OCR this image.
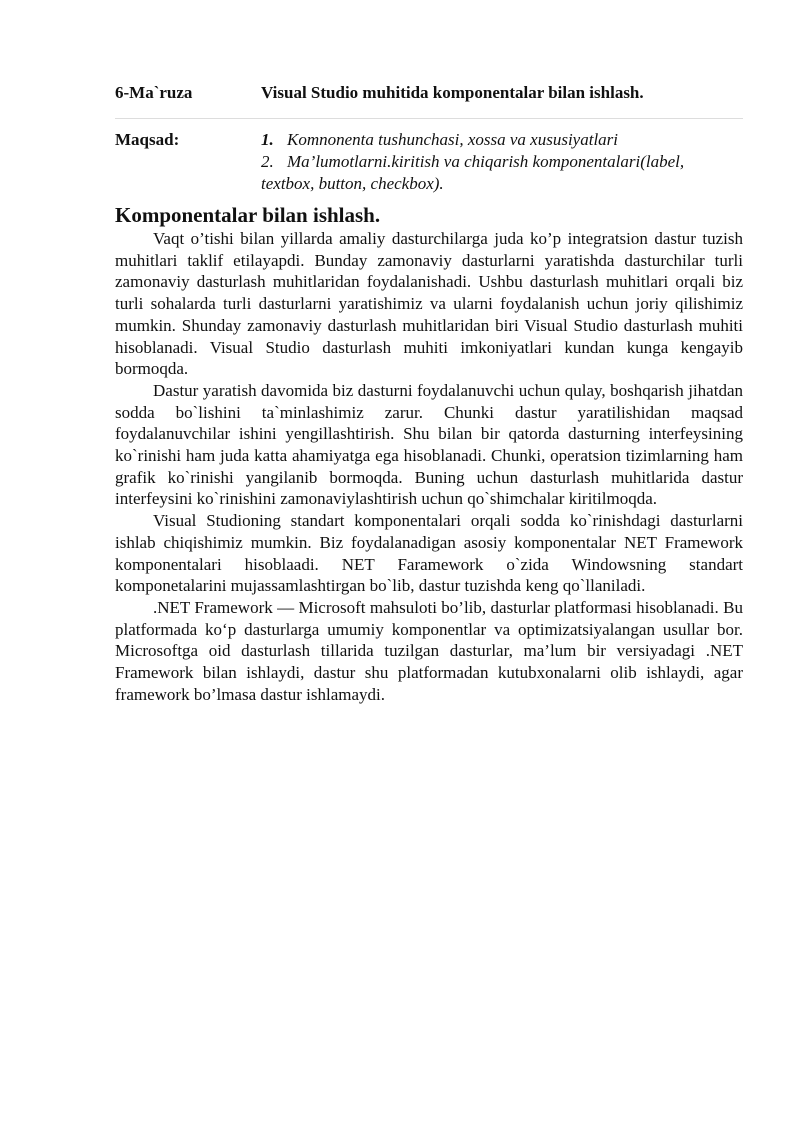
6-Ma`ruza	Visual Studio muhitida komponentalar bilan ishlash.
Maqsad:	1. Komnonenta tushunchasi, xossa va xususiyatlari
2. Ma’lumotlarni.kiritish va chiqarish komponentalari(label,
textbox, button, checkbox).
Komponentalar bilan ishlash.

Vaqt o’tishi bilan yillarda amaliy dasturchilarga juda ko’p integratsion dastur tuzish muhitlari taklif etilayapdi. Bunday zamonaviy dasturlarni yaratishda dasturchilar turli zamonaviy dasturlash muhitlaridan foydalanishadi. Ushbu dasturlash muhitlari orqali biz turli sohalarda turli dasturlarni yaratishimiz va ularni foydalanish uchun joriy qilishimiz mumkin. Shunday zamonaviy dasturlash muhitlaridan biri Visual Studio dasturlash muhiti hisoblanadi. Visual Studio dasturlash muhiti imkoniyatlari kundan kunga kengayib bormoqda.

Dastur yaratish davomida biz dasturni foydalanuvchi uchun qulay, boshqarish jihatdan sodda bo`lishini ta`minlashimiz zarur. Chunki dastur yaratilishidan maqsad foydalanuvchilar ishini yengillashtirish. Shu bilan bir qatorda dasturning interfeysining ko`rinishi ham juda katta ahamiyatga ega hisoblanadi. Chunki, operatsion tizimlarning ham grafik ko`rinishi yangilanib bormoqda. Buning uchun dasturlash muhitlarida dastur interfeysini ko`rinishini zamonaviylashtirish uchun qo`shimchalar kiritilmoqda.

Visual Studioning standart komponentalari orqali sodda ko`rinishdagi dasturlarni ishlab chiqishimiz mumkin. Biz foydalanadigan asosiy komponentalar NET Framework komponentalari hisoblaadi. NET Faramework o`zida Windowsning standart komponetalarini mujassamlashtirgan bo`lib, dastur tuzishda keng qo`llaniladi.

.NET Framework — Microsoft mahsuloti bo’lib, dasturlar platformasi hisoblanadi. Bu platformada ko‘p dasturlarga umumiy komponentlar va optimizatsiyalangan usullar bor. Microsoftga oid dasturlash tillarida tuzilgan dasturlar, ma’lum bir versiyadagi .NET Framework bilan ishlaydi, dastur shu platformadan kutubxonalarni olib ishlaydi, agar framework bo’lmasa dastur ishlamaydi.
